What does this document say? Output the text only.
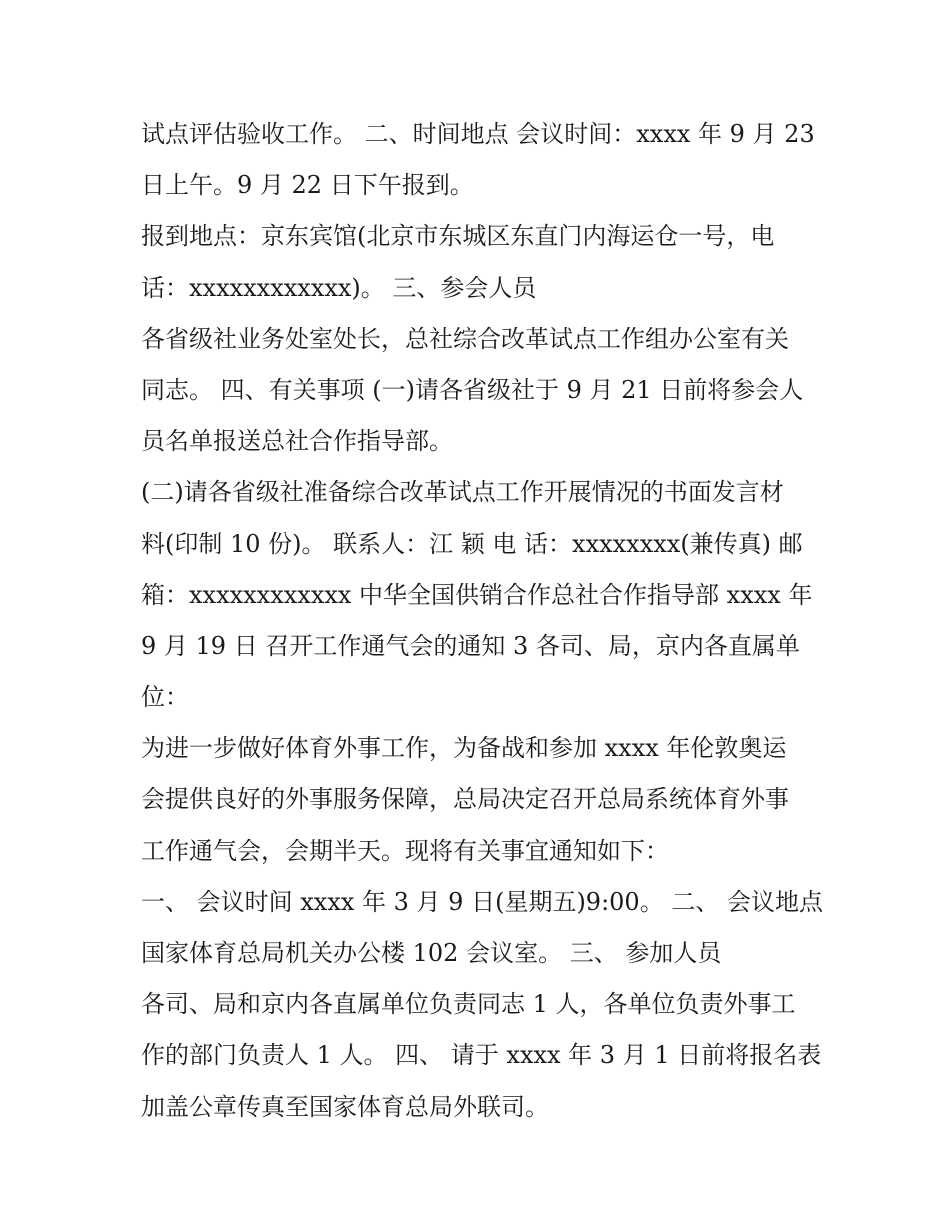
试点评估验收工作。 二、时间地点 会议时间：xxxx 年 9 月 23
日上午。9 月 22 日下午报到。
报到地点：京东宾馆(北京市东城区东直门内海运仓一号，电
话：xxxxxxxxxxxx)。 三、参会人员
各省级社业务处室处长，总社综合改革试点工作组办公室有关
同志。 四、有关事项 (一)请各省级社于 9 月 21 日前将参会人
员名单报送总社合作指导部。
(二)请各省级社准备综合改革试点工作开展情况的书面发言材
料(印制 10 份)。 联系人：江 颖 电 话：xxxxxxxx(兼传真) 邮
箱：xxxxxxxxxxxx 中华全国供销合作总社合作指导部 xxxx 年
9 月 19 日 召开工作通气会的通知 3 各司、局，京内各直属单
位：
为进一步做好体育外事工作，为备战和参加 xxxx 年伦敦奥运
会提供良好的外事服务保障，总局决定召开总局系统体育外事
工作通气会，会期半天。现将有关事宜通知如下：
一、 会议时间 xxxx 年 3 月 9 日(星期五)9:00。 二、 会议地点
国家体育总局机关办公楼 102 会议室。 三、 参加人员
各司、局和京内各直属单位负责同志 1 人，各单位负责外事工
作的部门负责人 1 人。 四、 请于 xxxx 年 3 月 1 日前将报名表
加盖公章传真至国家体育总局外联司。
